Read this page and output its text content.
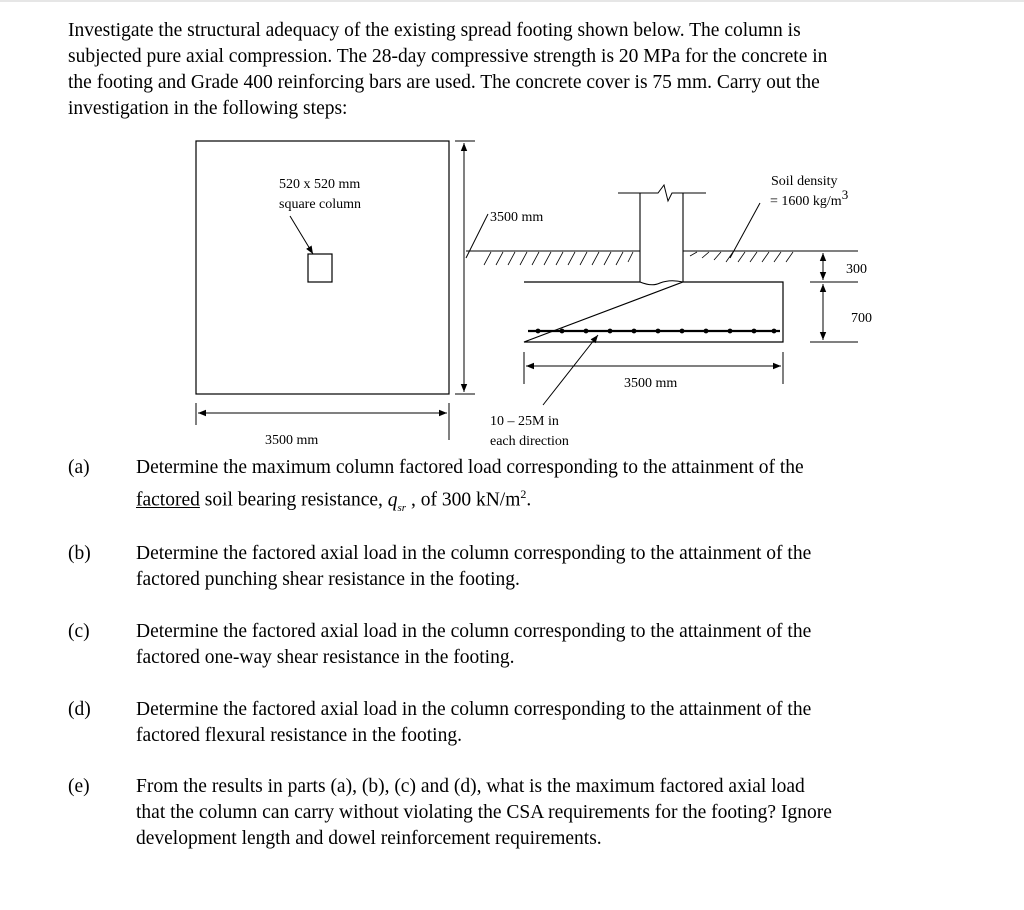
Investigate the structural adequacy of the existing spread footing shown below. The column is
subjected pure axial compression. The 28-day compressive strength is 20 MPa for the concrete in
the footing and Grade 400 reinforcing bars are used. The concrete cover is 75 mm. Carry out the
investigation in the following steps:
520 x 520 mm
square column
3500 mm
3500 mm
10 – 25M in
each direction
3500 mm
Soil density
= 1600 kg/m3
300
700
(a) Determine the maximum column factored load corresponding to the attainment of the
factored soil bearing resistance, $q_{sr}$ , of 300 $kN/m^2$.
(b) Determine the factored axial load in the column corresponding to the attainment of the
factored punching shear resistance in the footing.
(c) Determine the factored axial load in the column corresponding to the attainment of the
factored one-way shear resistance in the footing.
(d) Determine the factored axial load in the column corresponding to the attainment of the
factored flexural resistance in the footing.
(e) From the results in parts (a), (b), (c) and (d), what is the maximum factored axial load
that the column can carry without violating the CSA requirements for the footing? Ignore
development length and dowel reinforcement requirements.
